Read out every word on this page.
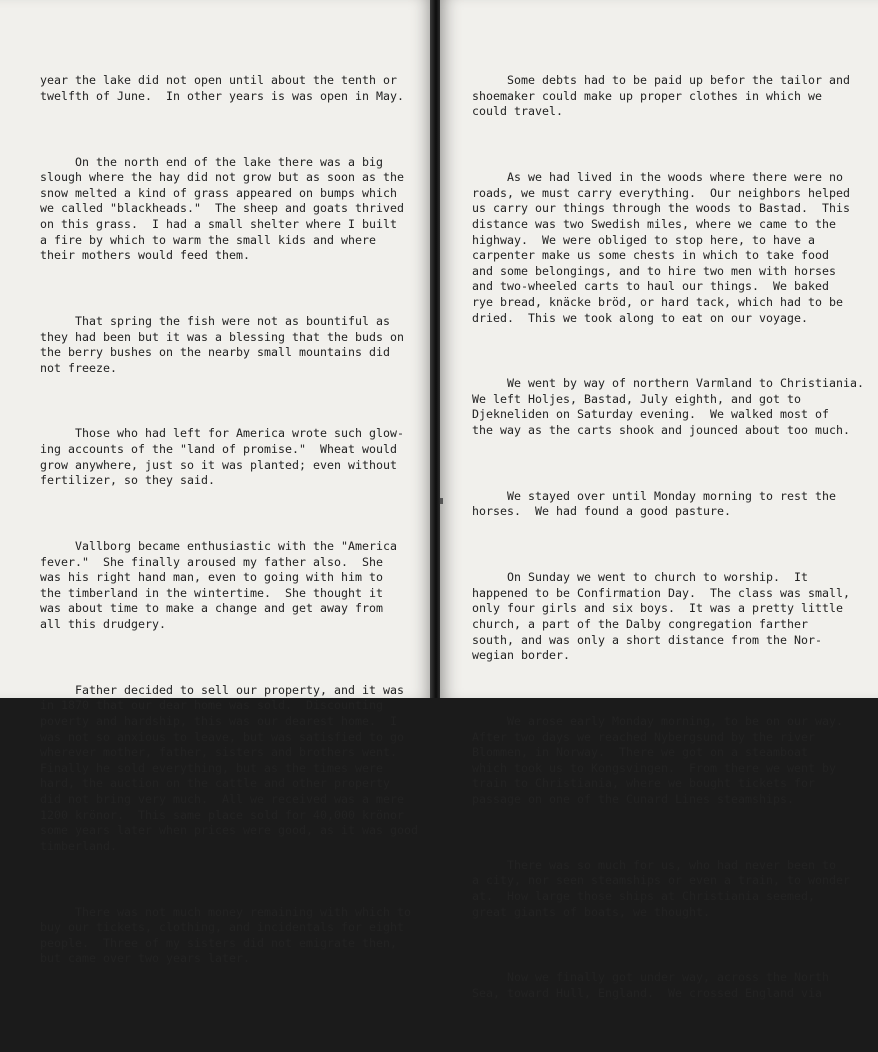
year the lake did not open until about the tenth or
twelfth of June.  In other years is was open in May.

On the north end of the lake there was a big
slough where the hay did not grow but as soon as the
snow melted a kind of grass appeared on bumps which
we called "blackheads."  The sheep and goats thrived
on this grass.  I had a small shelter where I built
a fire by which to warm the small kids and where
their mothers would feed them.

That spring the fish were not as bountiful as
they had been but it was a blessing that the buds on
the berry bushes on the nearby small mountains did
not freeze.

Those who had left for America wrote such glow-
ing accounts of the "land of promise."  Wheat would
grow anywhere, just so it was planted; even without
fertilizer, so they said.

Vallborg became enthusiastic with the "America
fever."  She finally aroused my father also.  She
was his right hand man, even to going with him to
the timberland in the wintertime.  She thought it
was about time to make a change and get away from
all this drudgery.

Father decided to sell our property, and it was
in 1870 that our dear home was sold.  Discounting
poverty and hardship, this was our dearest home.  I
was not so anxious to leave, but was satisfied to go
wherever mother, father, sisters and brothers went.
Finally he sold everything, but as the times were
hard, the auction on the cattle and other property
did not bring very much.  All we received was a mere
1200 krönor.  This same place sold for 40,000 krönor
some years later when prices were good, as it was good
timberland.

There was not much money remaining with which to
buy our tickets, clothing, and incidentals for eight
people.  Three of my sisters did not emigrate then,
but came over two years later.

Some debts had to be paid up befor the tailor and
shoemaker could make up proper clothes in which we
could travel.

As we had lived in the woods where there were no
roads, we must carry everything.  Our neighbors helped
us carry our things through the woods to Bastad.  This
distance was two Swedish miles, where we came to the
highway.  We were obliged to stop here, to have a
carpenter make us some chests in which to take food
and some belongings, and to hire two men with horses
and two-wheeled carts to haul our things.  We baked
rye bread, knäcke bröd, or hard tack, which had to be
dried.  This we took along to eat on our voyage.

We went by way of northern Varmland to Christiania.
We left Holjes, Bastad, July eighth, and got to
Djekneliden on Saturday evening.  We walked most of
the way as the carts shook and jounced about too much.

We stayed over until Monday morning to rest the
horses.  We had found a good pasture.

On Sunday we went to church to worship.  It
happened to be Confirmation Day.  The class was small,
only four girls and six boys.  It was a pretty little
church, a part of the Dalby congregation farther
south, and was only a short distance from the Nor-
wegian border.

We arose early Monday morning, to be on our way.
After two days we reached Nybergsund by the river
Blommen, in Norway.  There we got on a steamboat
which took us to Kongsvingen.  From there we went by
train to Christiania, where we bought tickets for
passage on one of the Cunard Lines steamships.

There was so much for us, who had never been to
a city, nor seen steamships or even a train, to wonder
at.  How large those ships at Christiania seemed,
great giants of boats, we thought.

Now we finally got under way, across the North
Sea, toward Hull, England.  We crossed England via
